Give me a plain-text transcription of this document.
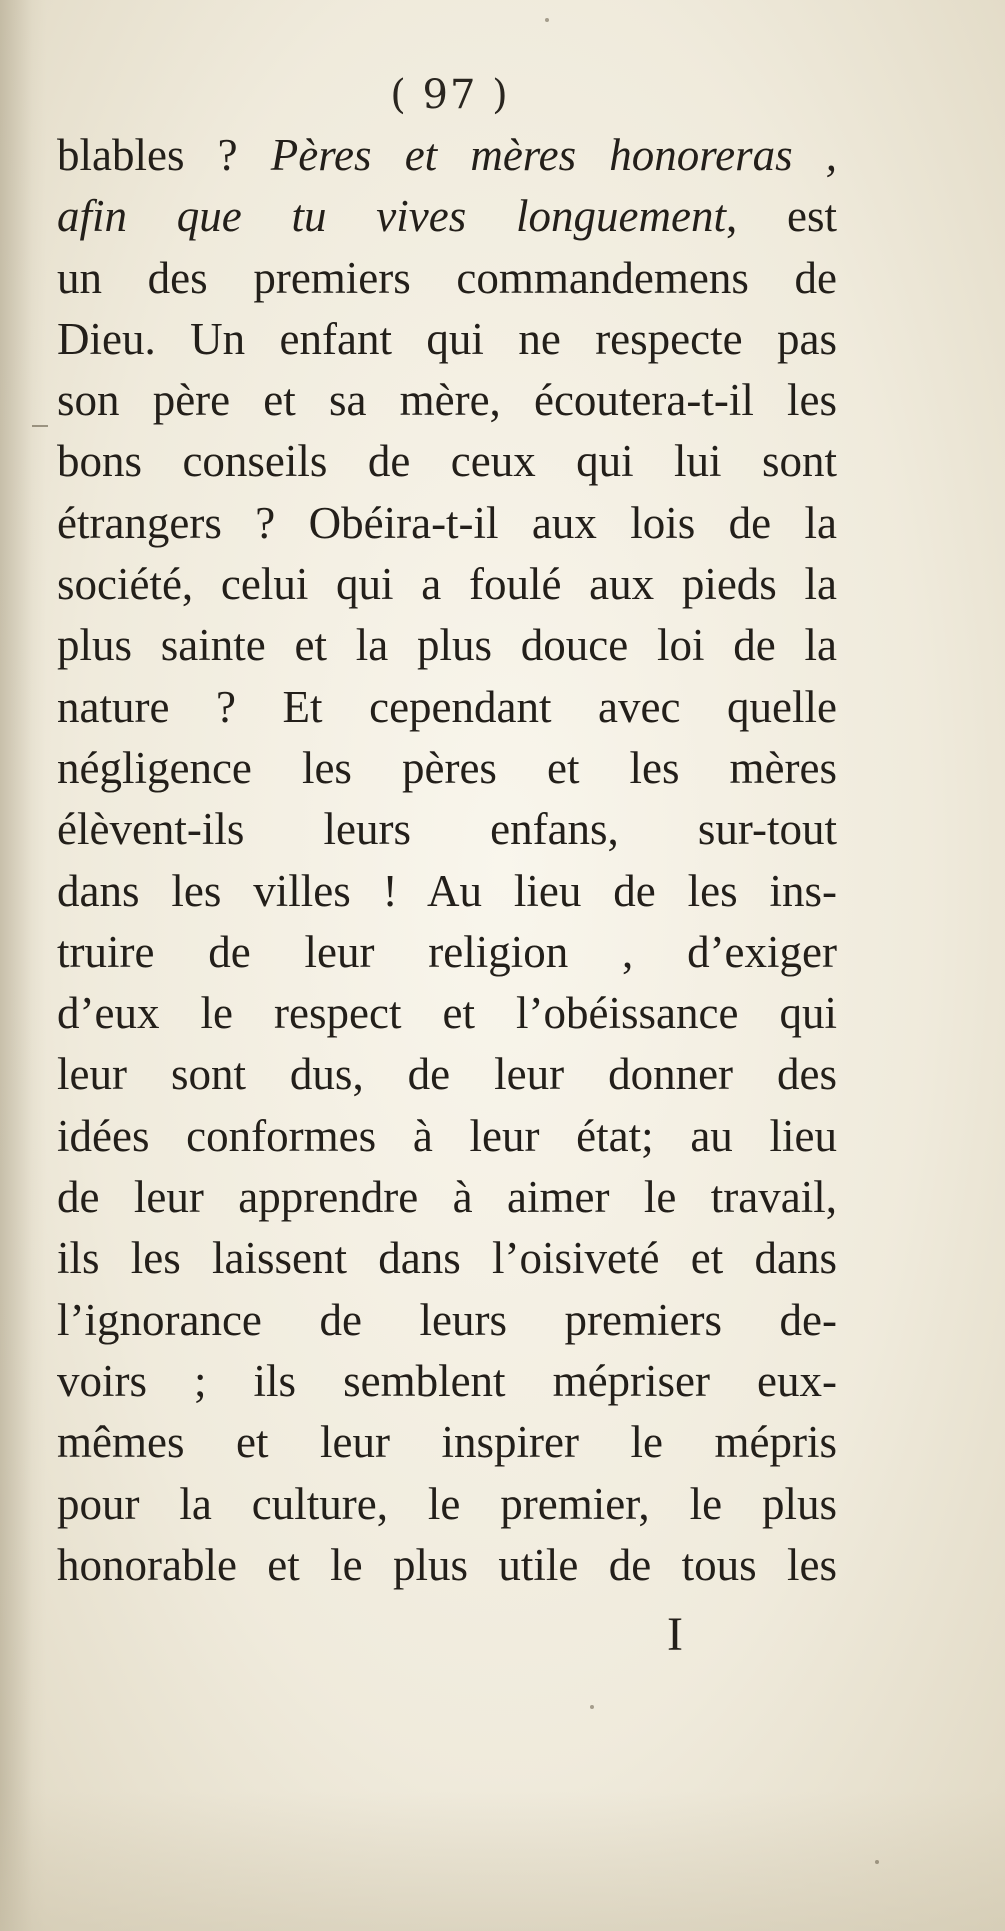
( 97 )
blables ? Pères et mères honoreras ,
afin que tu vives longuement, est
un des premiers commandemens de
Dieu. Un enfant qui ne respecte pas
son père et sa mère, écoutera-t-il les
bons conseils de ceux qui lui sont
étrangers ? Obéira-t-il aux lois de la
société, celui qui a foulé aux pieds la
plus sainte et la plus douce loi de la
nature ? Et cependant avec quelle
négligence les pères et les mères
élèvent-ils leurs enfans, sur-tout
dans les villes ! Au lieu de les ins-
truire de leur religion , d’exiger
d’eux le respect et l’obéissance qui
leur sont dus, de leur donner des
idées conformes à leur état; au lieu
de leur apprendre à aimer le travail,
ils les laissent dans l’oisiveté et dans
l’ignorance de leurs premiers de-
voirs ; ils semblent mépriser eux-
mêmes et leur inspirer le mépris
pour la culture, le premier, le plus
honorable et le plus utile de tous les
I
